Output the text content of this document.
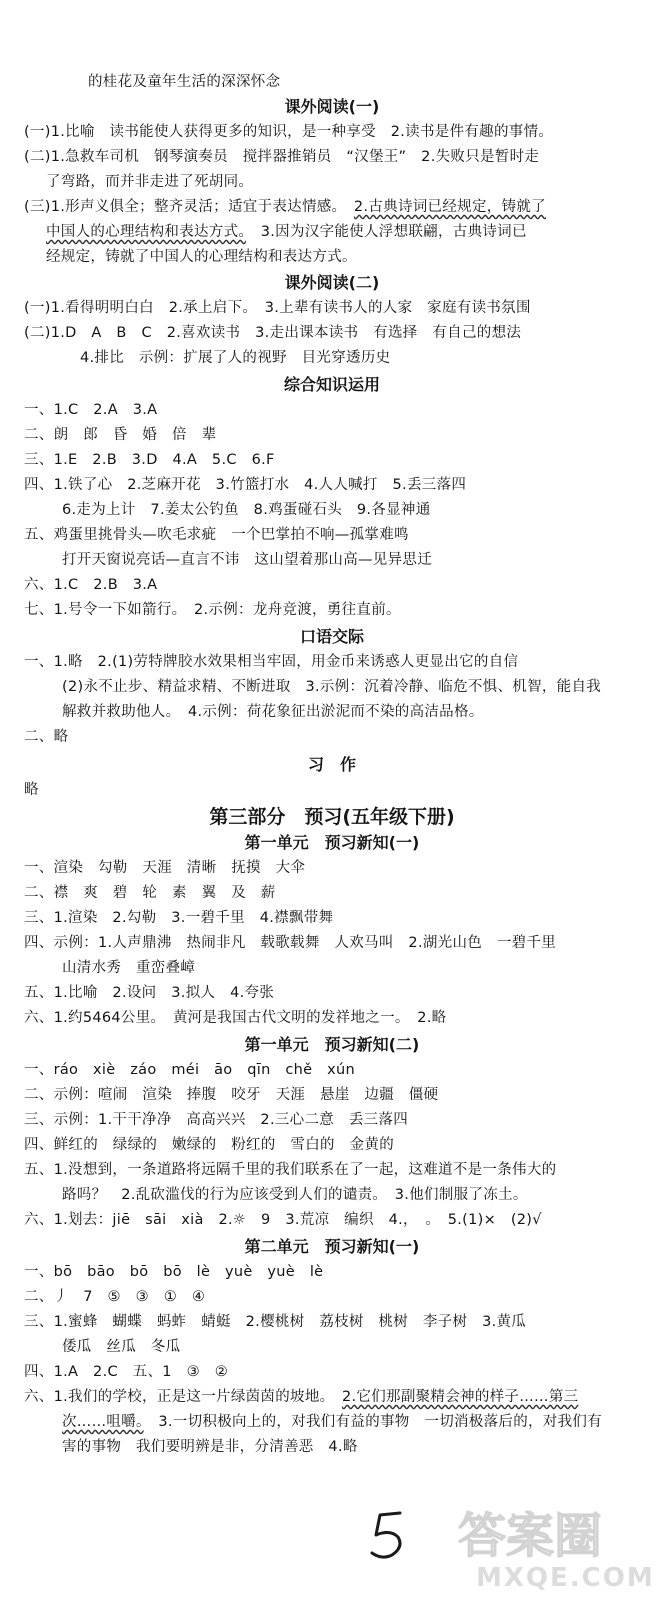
的桂花及童年生活的深深怀念
课外阅读(一)
(一)1.比喻　读书能使人获得更多的知识，是一种享受　2.读书是件有趣的事情。
(二)1.急救车司机　钢琴演奏员　搅拌器推销员　“汉堡王”　2.失败只是暂时走
了弯路，而并非走进了死胡同。
(三)1.形声义俱全；整齐灵活；适宜于表达情感。　2.古典诗词已经规定，铸就了
中国人的心理结构和表达方式。　3.因为汉字能使人浮想联翩，古典诗词已
经规定，铸就了中国人的心理结构和表达方式。
课外阅读(二)
(一)1.看得明明白白　2.承上启下。　3.上辈有读书人的人家　家庭有读书氛围
(二)1.D　A　B　C　2.喜欢读书　3.走出课本读书　有选择　有自己的想法
4.排比　示例：扩展了人的视野　目光穿透历史
综合知识运用
一、1.C　2.A　3.A
二、朗　郎　昏　婚　倍　辈
三、1.E　2.B　3.D　4.A　5.C　6.F
四、1.铁了心　2.芝麻开花　3.竹篮打水　4.人人喊打　5.丢三落四
6.走为上计　7.姜太公钓鱼　8.鸡蛋碰石头　9.各显神通
五、鸡蛋里挑骨头—吹毛求疵　一个巴掌拍不响—孤掌难鸣
打开天窗说亮话—直言不讳　这山望着那山高—见异思迁
六、1.C　2.B　3.A
七、1.号令一下如箭行。　2.示例：龙舟竞渡，勇往直前。
口语交际
一、1.略　2.(1)劳特牌胶水效果相当牢固，用金币来诱惑人更显出它的自信
(2)永不止步、精益求精、不断进取　3.示例：沉着冷静、临危不惧、机智，能自我
解救并救助他人。　4.示例：荷花象征出淤泥而不染的高洁品格。
二、略
习　作
略
第三部分　预习(五年级下册)
第一单元　预习新知(一)
一、渲染　勾勒　天涯　清晰　抚摸　大伞
二、襟　爽　碧　轮　素　翼　及　薪
三、1.渲染　2.勾勒　3.一碧千里　4.襟飘带舞
四、示例：1.人声鼎沸　热闹非凡　载歌载舞　人欢马叫　2.湖光山色　一碧千里
山清水秀　重峦叠嶂
五、1.比喻　2.设问　3.拟人　4.夸张
六、1.约5464公里。　黄河是我国古代文明的发祥地之一。　2.略
第一单元　预习新知(二)
一、ráo　xiè　záo　méi　āo　qīn　chě　xún
二、示例：喧闹　渲染　捧腹　咬牙　天涯　悬崖　边疆　僵硬
三、示例：1.干干净净　高高兴兴　2.三心二意　丢三落四
四、鲜红的　绿绿的　嫩绿的　粉红的　雪白的　金黄的
五、1.没想到，一条道路将远隔千里的我们联系在了一起，这难道不是一条伟大的
路吗？　2.乱砍滥伐的行为应该受到人们的谴责。　3.他们制服了冻土。
六、1.划去：jiē　sāi　xià　2.☼　9　3.荒凉　编织　4.，　。　5.(1)×　(2)√
第二单元　预习新知(一)
一、bō　bāo　bō　bō　lè　yuè　yuè　lè
二、丿　7　⑤　③　①　④
三、1.蜜蜂　蝴蝶　蚂蚱　蜻蜓　2.樱桃树　荔枝树　桃树　李子树　3.黄瓜
倭瓜　丝瓜　冬瓜
四、1.A　2.C　五、1　③　②
六、1.我们的学校，正是这一片绿茵茵的坡地。　2.它们那副聚精会神的样子……第三
次……咀嚼。　3.一切积极向上的，对我们有益的事物　一切消极落后的，对我们有
害的事物　我们要明辨是非，分清善恶　4.略
5
答案圈
MXQE.COM
